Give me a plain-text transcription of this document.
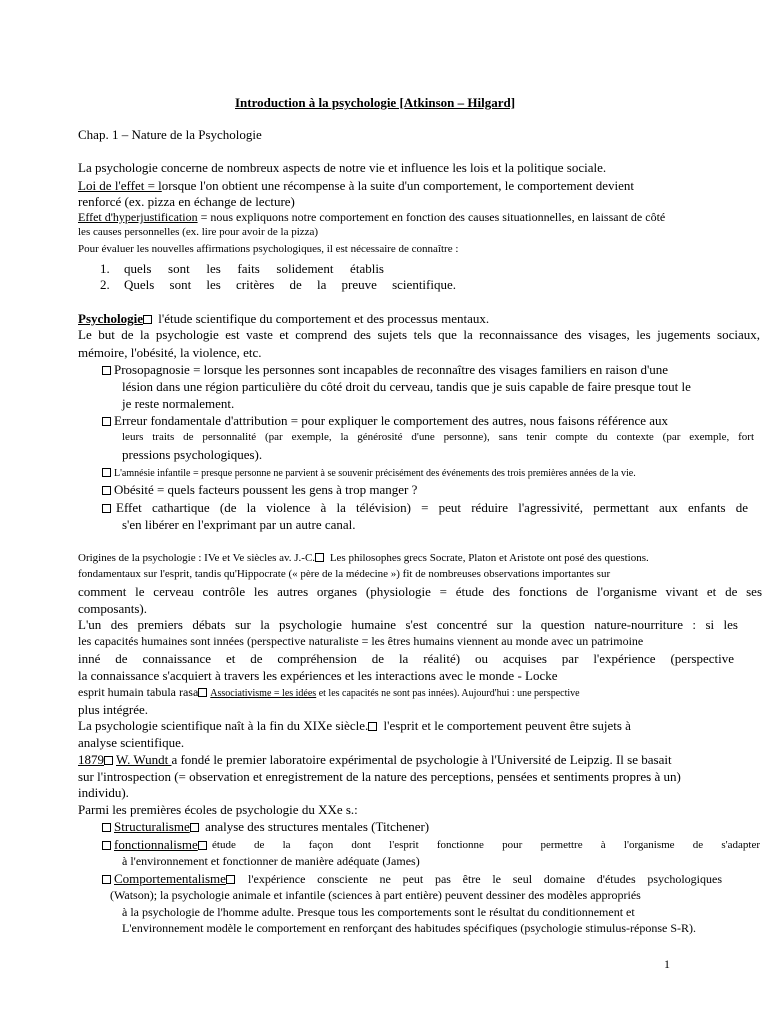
Introduction à la psychologie [Atkinson – Hilgard]
Chap. 1 – Nature de la Psychologie
La psychologie concerne de nombreux aspects de notre vie et influence les lois et la politique sociale.
Loi de l'effet = lorsque l'on obtient une récompense à la suite d'un comportement, le comportement devient
renforcé (ex. pizza en échange de lecture)
Effet d'hyperjustification = nous expliquons notre comportement en fonction des causes situationnelles, en laissant de côté
les causes personnelles (ex. lire pour avoir de la pizza)
Pour évaluer les nouvelles affirmations psychologiques, il est nécessaire de connaître :
1. quels sont les faits solidement établis
2. Quels sont les critères de la preuve scientifique.
Psychologie l'étude scientifique du comportement et des processus mentaux.
Le but de la psychologie est vaste et comprend des sujets tels que la reconnaissance des visages, les jugements sociaux,
mémoire, l'obésité, la violence, etc.
Prosopagnosie = lorsque les personnes sont incapables de reconnaître des visages familiers en raison d'une
lésion dans une région particulière du côté droit du cerveau, tandis que je suis capable de faire presque tout le
je reste normalement.
Erreur fondamentale d'attribution = pour expliquer le comportement des autres, nous faisons référence aux
leurs traits de personnalité (par exemple, la générosité d'une personne), sans tenir compte du contexte (par exemple, fort
pressions psychologiques).
L'amnésie infantile = presque personne ne parvient à se souvenir précisément des événements des trois premières années de la vie.
Obésité = quels facteurs poussent les gens à trop manger ?
Effet cathartique (de la violence à la télévision) = peut réduire l'agressivité, permettant aux enfants de
s'en libérer en l'exprimant par un autre canal.
Origines de la psychologie : IVe et Ve siècles av. J.-C. Les philosophes grecs Socrate, Platon et Aristote ont posé des questions.
fondamentaux sur l'esprit, tandis qu'Hippocrate (« père de la médecine ») fit de nombreuses observations importantes sur
comment le cerveau contrôle les autres organes (physiologie = étude des fonctions de l'organisme vivant et de ses
composants).
L'un des premiers débats sur la psychologie humaine s'est concentré sur la question nature-nourriture : si les
les capacités humaines sont innées (perspective naturaliste = les êtres humains viennent au monde avec un patrimoine
inné de connaissance et de compréhension de la réalité) ou acquises par l'expérience (perspective
la connaissance s'acquiert à travers les expériences et les interactions avec le monde - Locke
esprit humain tabula rasa Associativisme = les idées et les capacités ne sont pas innées). Aujourd'hui : une perspective
plus intégrée.
La psychologie scientifique naît à la fin du XIXe siècle. l'esprit et le comportement peuvent être sujets à
analyse scientifique.
1879 W. Wundt a fondé le premier laboratoire expérimental de psychologie à l'Université de Leipzig. Il se basait
sur l'introspection (= observation et enregistrement de la nature des perceptions, pensées et sentiments propres à un)
individu).
Parmi les premières écoles de psychologie du XXe s.:
Structuralisme analyse des structures mentales (Titchener)
fonctionnalisme	étude de la façon dont l'esprit fonctionne pour permettre à l'organisme de s'adapter
à l'environnement et fonctionner de manière adéquate (James)
Comportementalisme	l'expérience consciente ne peut pas être le seul domaine d'études psychologiques
(Watson); la psychologie animale et infantile (sciences à part entière) peuvent dessiner des modèles appropriés
à la psychologie de l'homme adulte. Presque tous les comportements sont le résultat du conditionnement et
L'environnement modèle le comportement en renforçant des habitudes spécifiques (psychologie stimulus-réponse S-R).
1
